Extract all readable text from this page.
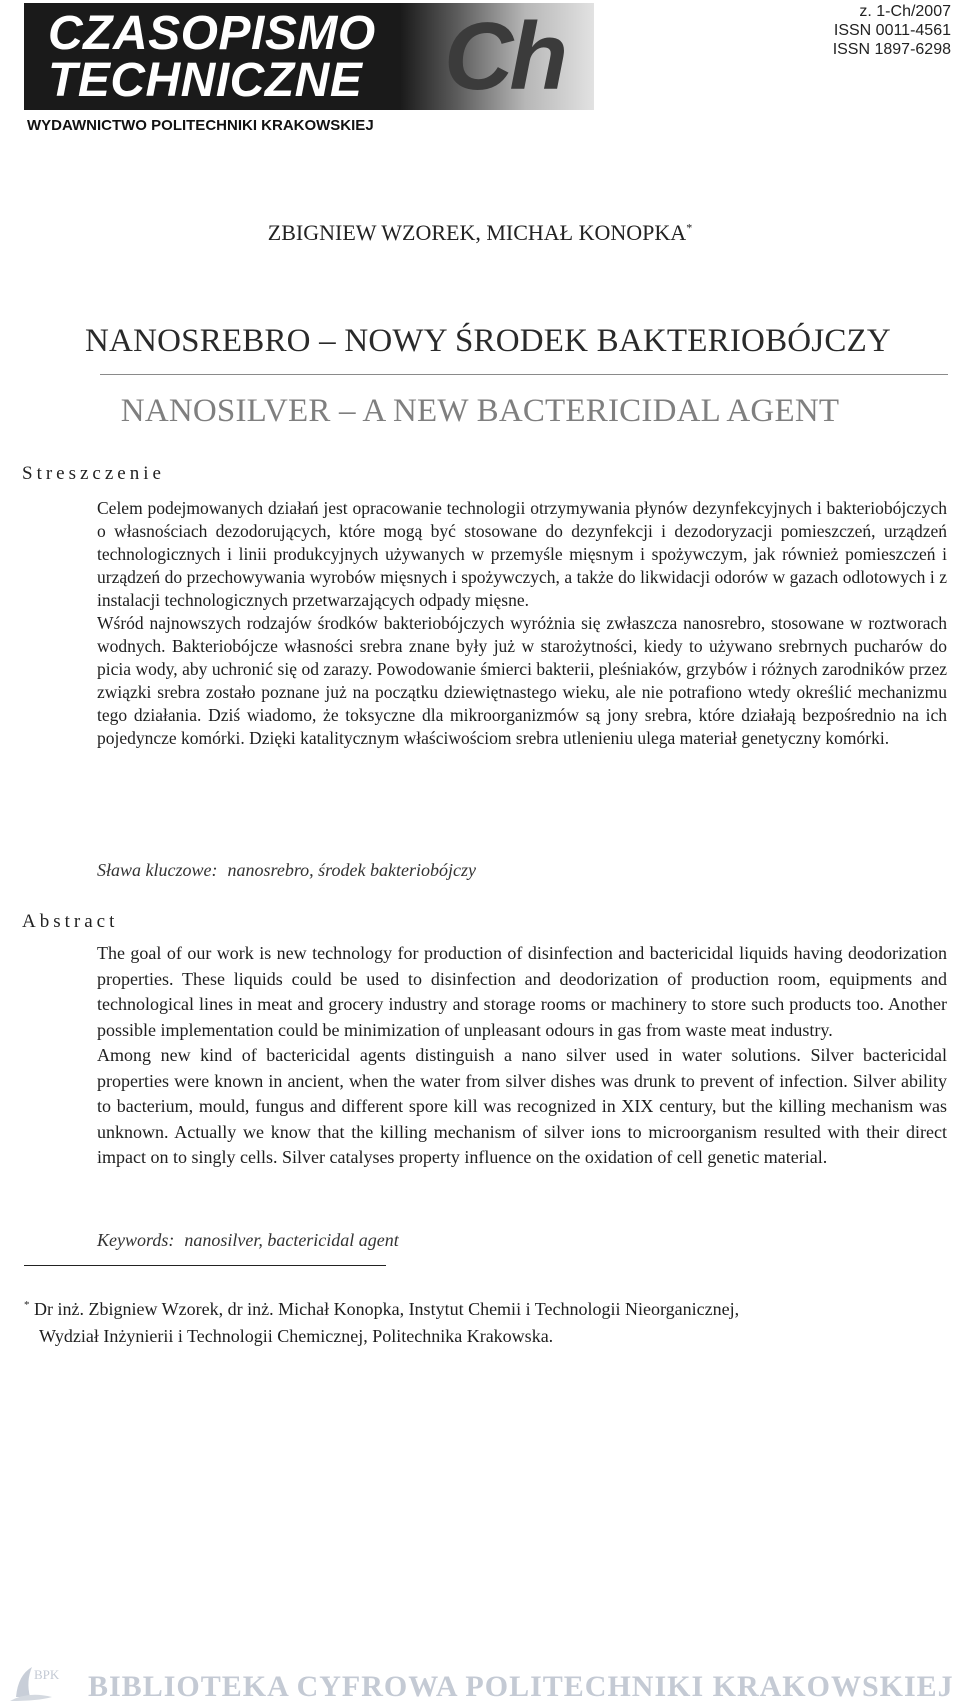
CZASOPISMO
TECHNICZNE Ch
WYDAWNICTWO POLITECHNIKI KRAKOWSKIEJ
z. 1-Ch/2007
ISSN 0011-4561
ISSN 1897-6298
ZBIGNIEW WZOREK, MICHAŁ KONOPKA*
NANOSREBRO – NOWY ŚRODEK BAKTERIOBÓJCZY
NANOSILVER – A NEW BACTERICIDAL AGENT
Streszczenie

Celem podejmowanych działań jest opracowanie technologii otrzymywania płynów dezynfekcyjnych i bakteriobójczych o własnościach dezodorujących, które mogą być stosowane do dezynfekcji i dezodoryzacji pomieszczeń, urządzeń technologicznych i linii produkcyjnych używanych w przemyśle mięsnym i spożywczym, jak również pomieszczeń i urządzeń do przechowywania wyrobów mięsnych i spożywczych, a także do likwidacji odorów w gazach odlotowych i z instalacji technologicznych przetwarzających odpady mięsne.

Wśród najnowszych rodzajów środków bakteriobójczych wyróżnia się zwłaszcza nanosrebro, stosowane w roztworach wodnych. Bakteriobójcze własności srebra znane były już w starożytności, kiedy to używano srebrnych pucharów do picia wody, aby uchronić się od zarazy. Powodowanie śmierci bakterii, pleśniaków, grzybów i różnych zarodników przez związki srebra zostało poznane już na początku dziewiętnastego wieku, ale nie potrafiono wtedy określić mechanizmu tego działania. Dziś wiadomo, że toksyczne dla mikroorganizmów są jony srebra, które działają bezpośrednio na ich pojedyncze komórki. Dzięki katalitycznym właściwościom srebra utlenieniu ulega materiał genetyczny komórki.

Sława kluczowe: nanosrebro, środek bakteriobójczy
Abstract

The goal of our work is new technology for production of disinfection and bactericidal liquids having deodorization properties. These liquids could be used to disinfection and deodorization of production room, equipments and technological lines in meat and grocery industry and storage rooms or machinery to store such products too. Another possible implementation could be minimization of unpleasant odours in gas from waste meat industry.

Among new kind of bactericidal agents distinguish a nano silver used in water solutions. Silver bactericidal properties were known in ancient, when the water from silver dishes was drunk to prevent of infection. Silver ability to bacterium, mould, fungus and different spore kill was recognized in XIX century, but the killing mechanism was unknown. Actually we know that the killing mechanism of silver ions to microorganism resulted with their direct impact on to singly cells. Silver catalyses property influence on the oxidation of cell genetic material.

Keywords: nanosilver, bactericidal agent
* Dr inż. Zbigniew Wzorek, dr inż. Michał Konopka, Instytut Chemii i Technologii Nieorganicznej,
Wydział Inżynierii i Technologii Chemicznej, Politechnika Krakowska.
BPK BIBLIOTEKA CYFROWA POLITECHNIKI KRAKOWSKIEJ
